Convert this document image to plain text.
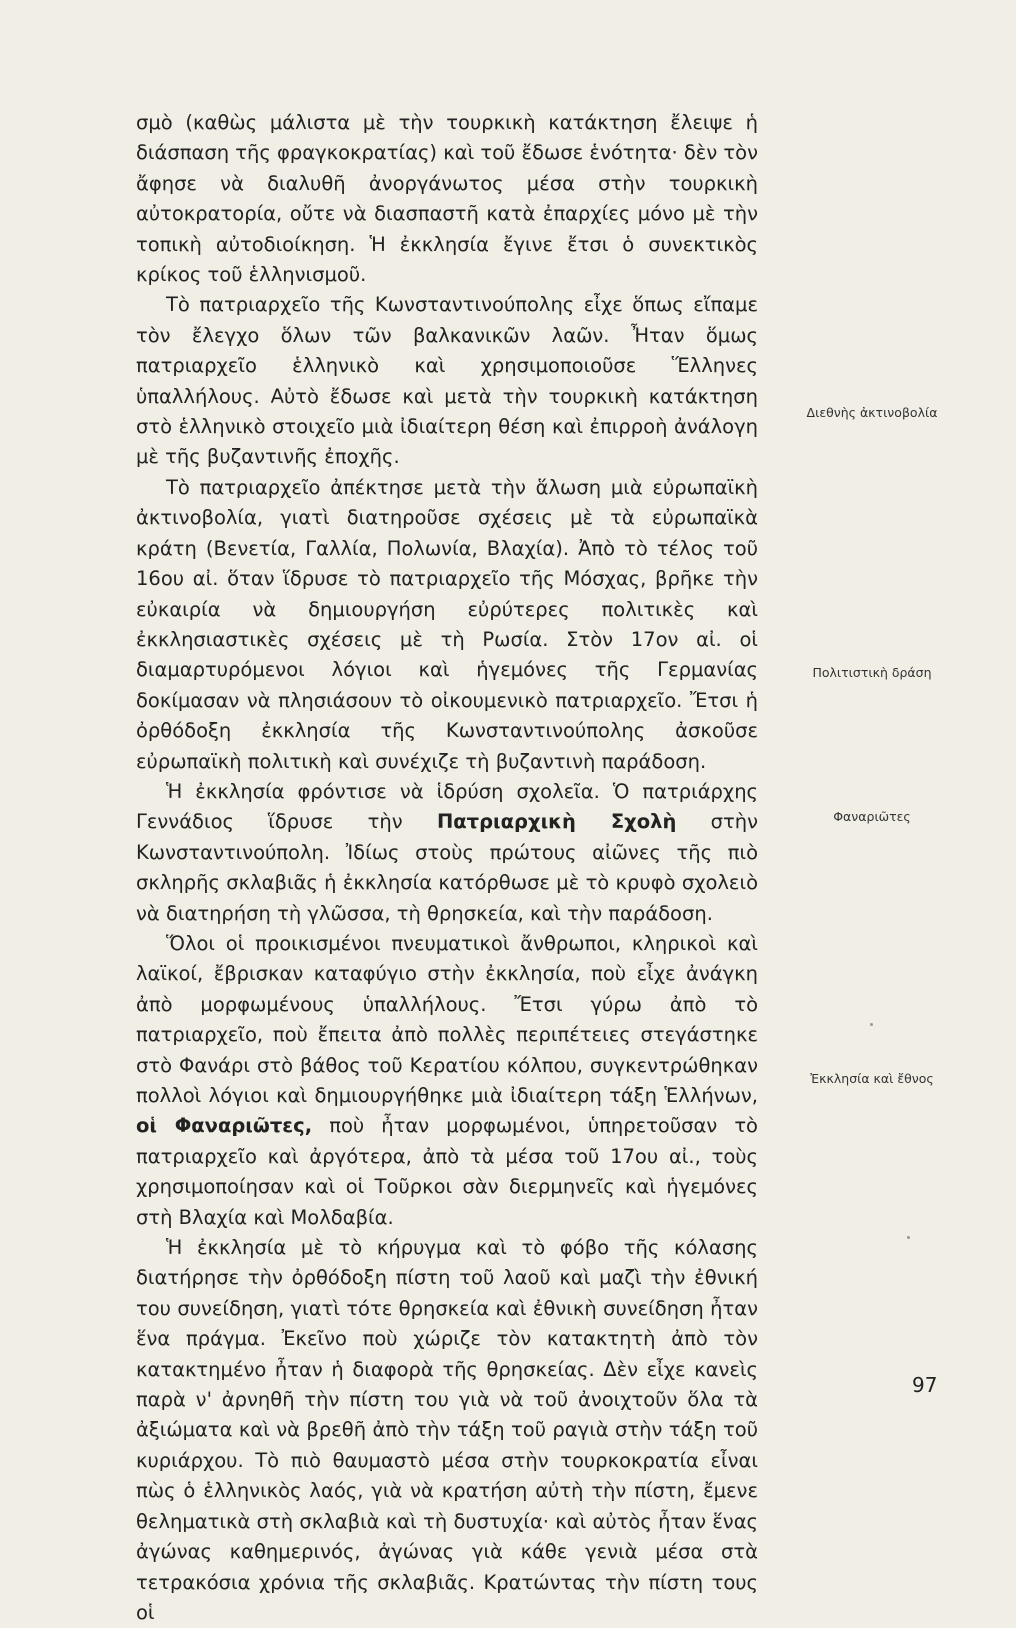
σμὸ (καθὼς μάλιστα μὲ τὴν τουρκικὴ κατάκτηση ἔλειψε ἡ διάσπαση τῆς φραγκοκρατίας) καὶ τοῦ ἔδωσε ἑνότητα· δὲν τὸν ἄφησε νὰ διαλυθῆ ἀνοργάνωτος μέσα στὴν τουρκικὴ αὐτοκρατορία, οὔτε νὰ διασπαστῆ κατὰ ἐπαρχίες μόνο μὲ τὴν τοπικὴ αὐτοδιοίκηση. Ἡ ἐκκλησία ἔγινε ἔτσι ὁ συνεκτικὸς κρίκος τοῦ ἑλληνισμοῦ.

Τὸ πατριαρχεῖο τῆς Κωνσταντινούπολης εἶχε ὅπως εἴπαμε τὸν ἔλεγχο ὅλων τῶν βαλκανικῶν λαῶν. Ἦταν ὅμως πατριαρχεῖο ἑλληνικὸ καὶ χρησιμοποιοῦσε Ἕλληνες ὑπαλλήλους. Αὐτὸ ἔδωσε καὶ μετὰ τὴν τουρκικὴ κατάκτηση στὸ ἑλληνικὸ στοιχεῖο μιὰ ἰδιαίτερη θέση καὶ ἐπιρροὴ ἀνάλογη μὲ τῆς βυζαντινῆς ἐποχῆς.

Τὸ πατριαρχεῖο ἀπέκτησε μετὰ τὴν ἅλωση μιὰ εὐρωπαϊκὴ ἀκτινοβολία, γιατὶ διατηροῦσε σχέσεις μὲ τὰ εὐρωπαϊκὰ κράτη (Βενετία, Γαλλία, Πολωνία, Βλαχία). Ἀπὸ τὸ τέλος τοῦ 16ου αἰ. ὅταν ἵδρυσε τὸ πατριαρχεῖο τῆς Μόσχας, βρῆκε τὴν εὐκαιρία νὰ δημιουργήση εὐρύτερες πολιτικὲς καὶ ἐκκλησιαστικὲς σχέσεις μὲ τὴ Ρωσία. Στὸν 17ον αἰ. οἱ διαμαρτυρόμενοι λόγιοι καὶ ἡγεμόνες τῆς Γερμανίας δοκίμασαν νὰ πλησιάσουν τὸ οἰκουμενικὸ πατριαρχεῖο. Ἔτσι ἡ ὀρθόδοξη ἐκκλησία τῆς Κωνσταντινούπολης ἀσκοῦσε εὐρωπαϊκὴ πολιτικὴ καὶ συνέχιζε τὴ βυζαντινὴ παράδοση.

Ἡ ἐκκλησία φρόντισε νὰ ἱδρύση σχολεῖα. Ὁ πατριάρχης Γεννάδιος ἵδρυσε τὴν Πατριαρχικὴ Σχολὴ στὴν Κωνσταντινούπολη. Ἰδίως στοὺς πρώτους αἰῶνες τῆς πιὸ σκληρῆς σκλαβιᾶς ἡ ἐκκλησία κατόρθωσε μὲ τὸ κρυφὸ σχολειὸ νὰ διατηρήση τὴ γλῶσσα, τὴ θρησκεία, καὶ τὴν παράδοση.

Ὅλοι οἱ προικισμένοι πνευματικοὶ ἄνθρωποι, κληρικοὶ καὶ λαϊκοί, ἔβρισκαν καταφύγιο στὴν ἐκκλησία, ποὺ εἶχε ἀνάγκη ἀπὸ μορφωμένους ὑπαλλήλους. Ἔτσι γύρω ἀπὸ τὸ πατριαρχεῖο, ποὺ ἔπειτα ἀπὸ πολλὲς περιπέτειες στεγάστηκε στὸ Φανάρι στὸ βάθος τοῦ Κερατίου κόλπου, συγκεντρώθηκαν πολλοὶ λόγιοι καὶ δημιουργήθηκε μιὰ ἰδιαίτερη τάξη Ἑλλήνων, οἱ Φαναριῶτες, ποὺ ἦταν μορφωμένοι, ὑπηρετοῦσαν τὸ πατριαρχεῖο καὶ ἀργότερα, ἀπὸ τὰ μέσα τοῦ 17ου αἰ., τοὺς χρησιμοποίησαν καὶ οἱ Τοῦρκοι σὰν διερμηνεῖς καὶ ἡγεμόνες στὴ Βλαχία καὶ Μολδαβία.

Ἡ ἐκκλησία μὲ τὸ κήρυγμα καὶ τὸ φόβο τῆς κόλασης διατήρησε τὴν ὀρθόδοξη πίστη τοῦ λαοῦ καὶ μαζὶ τὴν ἐθνική του συνείδηση, γιατὶ τότε θρησκεία καὶ ἐθνικὴ συνείδηση ἦταν ἕνα πράγμα. Ἐκεῖνο ποὺ χώριζε τὸν κατακτητὴ ἀπὸ τὸν κατακτημένο ἦταν ἡ διαφορὰ τῆς θρησκείας. Δὲν εἶχε κανεὶς παρὰ ν' ἀρνηθῆ τὴν πίστη του γιὰ νὰ τοῦ ἀνοιχτοῦν ὅλα τὰ ἀξιώματα καὶ νὰ βρεθῆ ἀπὸ τὴν τάξη τοῦ ραγιὰ στὴν τάξη τοῦ κυριάρχου. Τὸ πιὸ θαυμαστὸ μέσα στὴν τουρκοκρατία εἶναι πὼς ὁ ἑλληνικὸς λαός, γιὰ νὰ κρατήση αὐτὴ τὴν πίστη, ἔμενε θεληματικὰ στὴ σκλαβιὰ καὶ τὴ δυστυχία· καὶ αὐτὸς ἦταν ἕνας ἀγώνας καθημερινός, ἀγώνας γιὰ κάθε γενιὰ μέσα στὰ τετρακόσια χρόνια τῆς σκλαβιᾶς. Κρατώντας τὴν πίστη τους οἱ

Διεθνὴς ἀκτινοβολία
Πολιτιστικὴ δράση
Φαναριῶτες
Ἐκκλησία καὶ ἔθνος
97
